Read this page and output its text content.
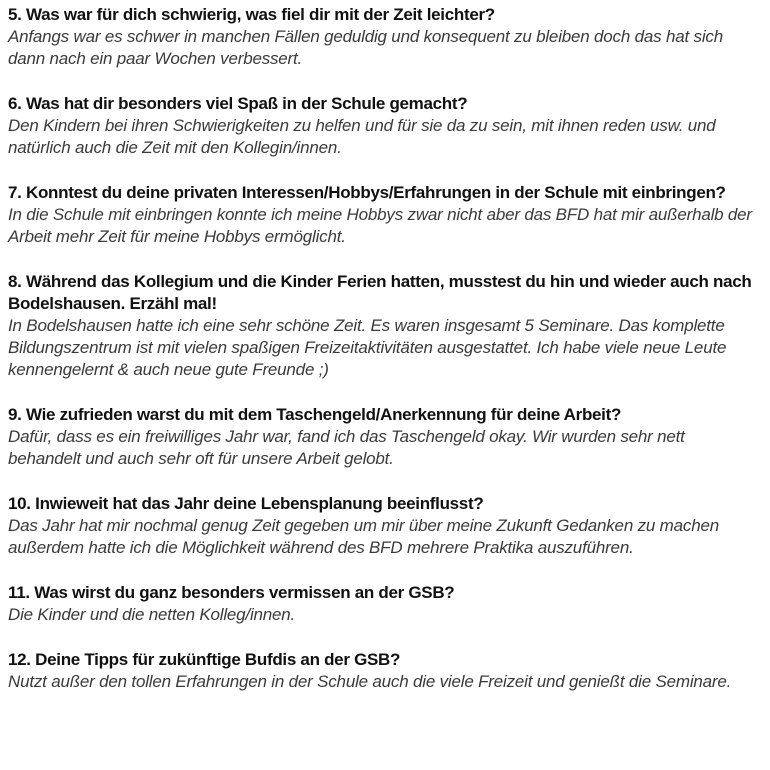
5. Was war für dich schwierig, was fiel dir mit der Zeit leichter?

Anfangs war es schwer in manchen Fällen geduldig und konsequent zu bleiben doch das hat sich dann nach ein paar Wochen verbessert.

6. Was hat dir besonders viel Spaß in der Schule gemacht?

Den Kindern bei ihren Schwierigkeiten zu helfen und für sie da zu sein, mit ihnen reden usw. und natürlich auch die Zeit mit den Kollegin/innen.

7. Konntest du deine privaten Interessen/Hobbys/Erfahrungen in der Schule mit einbringen?

In die Schule mit einbringen konnte ich meine Hobbys zwar nicht aber das BFD hat mir außerhalb der Arbeit mehr Zeit für meine Hobbys ermöglicht.

8. Während das Kollegium und die Kinder Ferien hatten, musstest du hin und wieder auch nach Bodelshausen. Erzähl mal!

In Bodelshausen hatte ich eine sehr schöne Zeit. Es waren insgesamt 5 Seminare. Das komplette Bildungszentrum ist mit vielen spaßigen Freizeitaktivitäten ausgestattet. Ich habe viele neue Leute kennengelernt & auch neue gute Freunde ;)

9. Wie zufrieden warst du mit dem Taschengeld/Anerkennung für deine Arbeit?

Dafür, dass es ein freiwilliges Jahr war, fand ich das Taschengeld okay. Wir wurden sehr nett behandelt und auch sehr oft für unsere Arbeit gelobt.

10. Inwieweit hat das Jahr deine Lebensplanung beeinflusst?

Das Jahr hat mir nochmal genug Zeit gegeben um mir über meine Zukunft Gedanken zu machen außerdem hatte ich die Möglichkeit während des BFD mehrere Praktika auszuführen.

11. Was wirst du ganz besonders vermissen an der GSB?

Die Kinder und die netten Kolleg/innen.

12. Deine Tipps für zukünftige Bufdis an der GSB?

Nutzt außer den tollen Erfahrungen in der Schule auch die viele Freizeit und genießt die Seminare.
